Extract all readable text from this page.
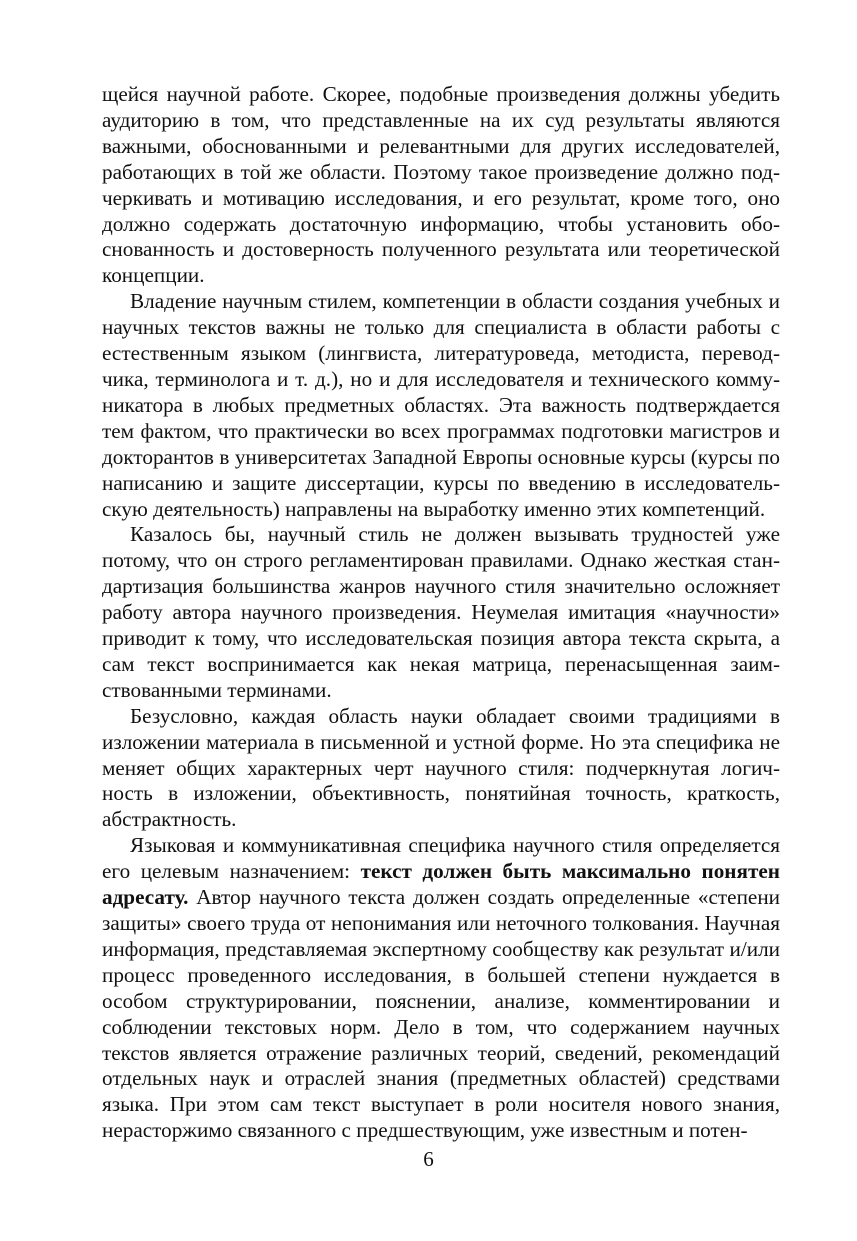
щейся научной работе. Скорее, подобные произведения должны убедить аудиторию в том, что представленные на их суд результаты являются важными, обоснованными и релевантными для других исследователей, работающих в той же области. Поэтому такое произведение должно подчеркивать и мотивацию исследования, и его результат, кроме того, оно должно содержать достаточную информацию, чтобы установить обоснованность и достоверность полученного результата или теоретической концепции.

Владение научным стилем, компетенции в области создания учебных и научных текстов важны не только для специалиста в области работы с естественным языком (лингвиста, литературоведа, методиста, переводчика, терминолога и т. д.), но и для исследователя и технического коммуникатора в любых предметных областях. Эта важность подтверждается тем фактом, что практически во всех программах подготовки магистров и докторантов в университетах Западной Европы основные курсы (курсы по написанию и защите диссертации, курсы по введению в исследовательскую деятельность) направлены на выработку именно этих компетенций.

Казалось бы, научный стиль не должен вызывать трудностей уже потому, что он строго регламентирован правилами. Однако жесткая стандартизация большинства жанров научного стиля значительно осложняет работу автора научного произведения. Неумелая имитация «научности» приводит к тому, что исследовательская позиция автора текста скрыта, а сам текст воспринимается как некая матрица, перенасыщенная заимствованными терминами.

Безусловно, каждая область науки обладает своими традициями в изложении материала в письменной и устной форме. Но эта специфика не меняет общих характерных черт научного стиля: подчеркнутая логичность в изложении, объективность, понятийная точность, краткость, абстрактность.

Языковая и коммуникативная специфика научного стиля определяется его целевым назначением: текст должен быть максимально понятен адресату. Автор научного текста должен создать определенные «степени защиты» своего труда от непонимания или неточного толкования. Научная информация, представляемая экспертному сообществу как результат и/или процесс проведенного исследования, в большей степени нуждается в особом структурировании, пояснении, анализе, комментировании и соблюдении текстовых норм. Дело в том, что содержанием научных текстов является отражение различных теорий, сведений, рекомендаций отдельных наук и отраслей знания (предметных областей) средствами языка. При этом сам текст выступает в роли носителя нового знания, нерасторжимо связанного с предшествующим, уже известным и потен-

6
